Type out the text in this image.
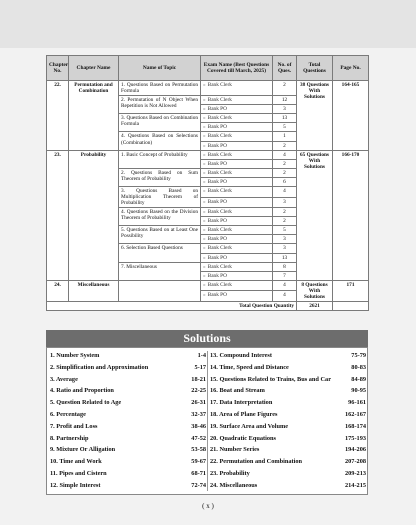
Chapter No.	Chapter Name	Name of Topic	Exam Name (Best Questions Covered till March, 2025)	No. of Ques.	Total Questions	Page No.
22.	Permutation and Combination	1. Questions Based on Permutation Formula	» Bank Clerk	2	38 Questions With Solutions	164-165
		2. Permutation of N Object When Repetition is Not Allowed	» Bank Clerk	12		
			» Bank PO	3		
		3. Questions Based on Combination Formula	» Bank Clerk	13		
			» Bank PO	5		
		4. Questions Based on Selections (Combination)	» Bank Clerk	1		
			» Bank PO	2		
23.	Probability	1. Basic Concept of Probability	» Bank Clerk	4	65 Questions With Solutions	166-170
			» Bank PO	2		
		2. Questions Based on Sum Theorem of Probability	» Bank Clerk	2		
			» Bank PO	6		
		3. Questions Based on Multiplication Theorem of Probability	» Bank Clerk	4		
			» Bank PO	3		
		4. Questions Based on the Division Theorem of Probability	» Bank Clerk	2		
			» Bank PO	2		
		5. Questions Based on at Least One Possibility	» Bank Clerk	5		
			» Bank PO	3		
		6. Selection Based Questions	» Bank Clerk	3		
			» Bank PO	13		
		7. Miscellaneous	» Bank Clerk	8		
			» Bank PO	7		
24.	Miscellaneous		» Bank Clerk	4	8 Questions With Solutions	171
			» Bank PO	4		
Total Question Quantity					2621	
Solutions
1. Number System	1-4
2. Simplification and Approximation	5-17
3. Average	18-21
4. Ratio and Proportion	22-25
5. Question Related to Age	26-31
6. Percentage	32-37
7. Profit and Loss	38-46
8. Partnership	47-52
9. Mixture Or Alligation	53-58
10. Time and Work	59-67
11. Pipes and Cistern	68-71
12. Simple Interest	72-74
13. Compound Interest	75-79
14. Time, Speed and Distance	80-83
15. Questions Related to Trains, Bus and Car	84-89
16. Boat and Stream	90-95
17. Data Interpretation	96-161
18. Area of Plane Figures	162-167
19. Surface Area and Volume	168-174
20. Quadratic Equations	175-193
21. Number Series	194-206
22. Permutation and Combination	207-208
23. Probability	209-213
24. Miscellaneous	214-215
( x )
